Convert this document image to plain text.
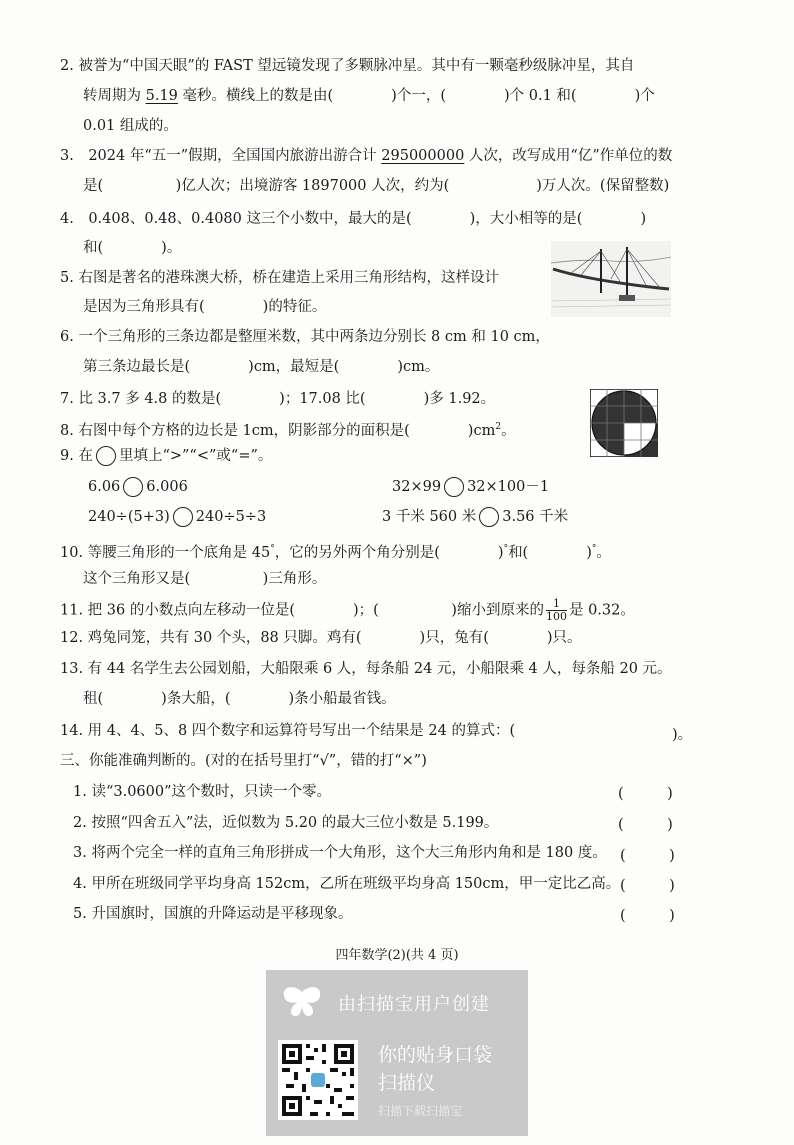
2. 被誉为“中国天眼”的 FAST 望远镜发现了多颗脉冲星。其中有一颗毫秒级脉冲星，其自
转周期为 5.19 毫秒。横线上的数是由(　　　　)个一，(　　　　)个 0.1 和(　　　　)个
0.01 组成的。
3.　2024 年“五一”假期，全国国内旅游出游合计 295000000 人次，改写成用“亿”作单位的数
是(　　　　　)亿人次；出境游客 1897000 人次，约为(　　　　　　)万人次。(保留整数)
4.　0.408、0.48、0.4080 这三个小数中，最大的是(　　　　)，大小相等的是(　　　　)
和(　　　　)。
5. 右图是著名的港珠澳大桥，桥在建造上采用三角形结构，这样设计
是因为三角形具有(　　　　)的特征。
6. 一个三角形的三条边都是整厘米数，其中两条边分别长 8 cm 和 10 cm，
第三条边最长是(　　　　)cm，最短是(　　　　)cm。
7. 比 3.7 多 4.8 的数是(　　　　)；17.08 比(　　　　)多 1.92。
8. 右图中每个方格的边长是 1cm，阴影部分的面积是(　　　　)$cm^2$。
9. 在 里填上“>”“<”或“=”。
6.06 6.006	32×99 32×100－1
240÷(5+3) 240÷5÷3	3 千米 560 米 3.56 千米
10. 等腰三角形的一个底角是 45°，它的另外两个角分别是(　　　　)°和(　　　　)°。
这个三角形又是(　　　　　)三角形。
11. 把 36 的小数点向左移动一位是(　　　　)；(　　　　　)缩小到原来的 $\frac{1}{100}$ 是 0.32。
12. 鸡兔同笼，共有 30 个头，88 只脚。鸡有(　　　　)只，兔有(　　　　)只。
13. 有 44 名学生去公园划船，大船限乘 6 人，每条船 24 元，小船限乘 4 人，每条船 20 元。
租(　　　　)条大船，(　　　　)条小船最省钱。
14. 用 4、4、5、8 四个数字和运算符号写出一个结果是 24 的算式：(	)。
三、你能准确判断的。(对的在括号里打“√”，错的打“×”)
1. 读“3.0600”这个数时，只读一个零。	(　　　)
2. 按照“四舍五入”法，近似数为 5.20 的最大三位小数是 5.199。	(　　　)
3. 将两个完全一样的直角三角形拼成一个大角形，这个大三角形内角和是 180 度。 (　　　)
4. 甲所在班级同学平均身高 152cm，乙所在班级平均身高 150cm，甲一定比乙高。 (　　　)
5. 升国旗时，国旗的升降运动是平移现象。	(　　　)
四年数学(2)(共 4 页)
由扫描宝用户创建
你的贴身口袋
扫描仪
扫描下载扫描宝
